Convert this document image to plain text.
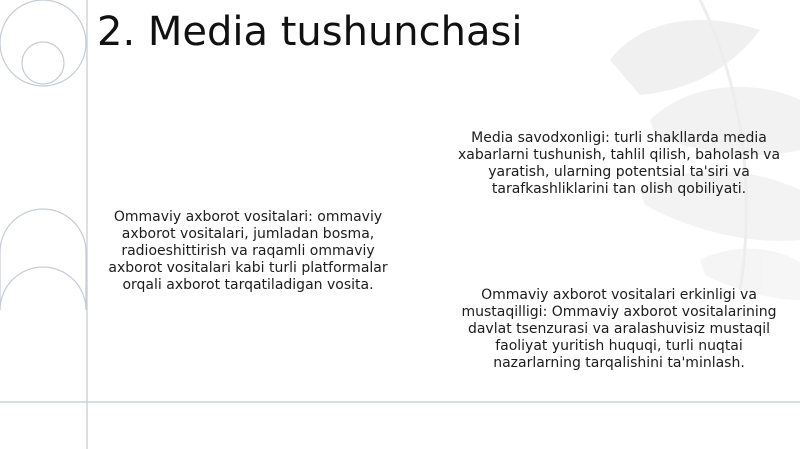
2. Media tushunchasi

Ommaviy axborot vositalari: ommaviy axborot vositalari, jumladan bosma, radioeshittirish va raqamli ommaviy axborot vositalari kabi turli platformalar orqali axborot tarqatiladigan vosita.

Media savodxonligi: turli shakllarda media xabarlarni tushunish, tahlil qilish, baholash va yaratish, ularning potentsial ta'siri va tarafkashliklarini tan olish qobiliyati.

Ommaviy axborot vositalari erkinligi va mustaqilligi: Ommaviy axborot vositalarining davlat tsenzurasi va aralashuvisiz mustaqil faoliyat yuritish huquqi, turli nuqtai nazarlarning tarqalishini ta'minlash.
